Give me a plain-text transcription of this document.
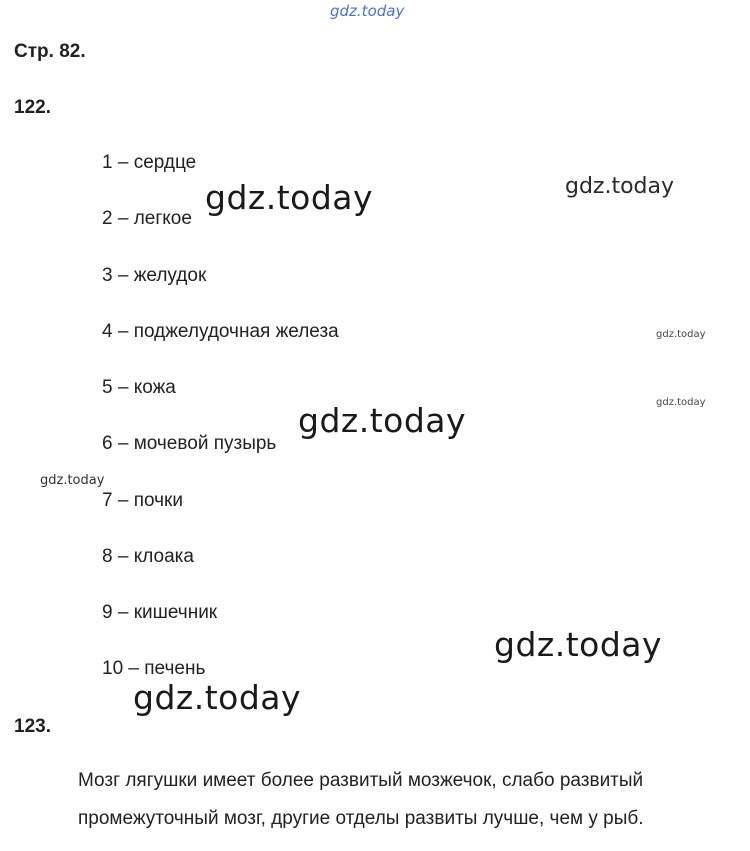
gdz.today
gdz.today	gdz.today
gdz.today
gdz.today
gdz.today
gdz.today
gdz.today
gdz.today
Стр. 82.
122.
1 – сердце
2 – легкое
3 – желудок
4 – поджелудочная железа
5 – кожа
6 – мочевой пузырь
7 – почки
8 – клоака
9 – кишечник
10 – печень
123.
Мозг лягушки имеет более развитый мозжечок, слабо развитый
промежуточный мозг, другие отделы развиты лучше, чем у рыб.
